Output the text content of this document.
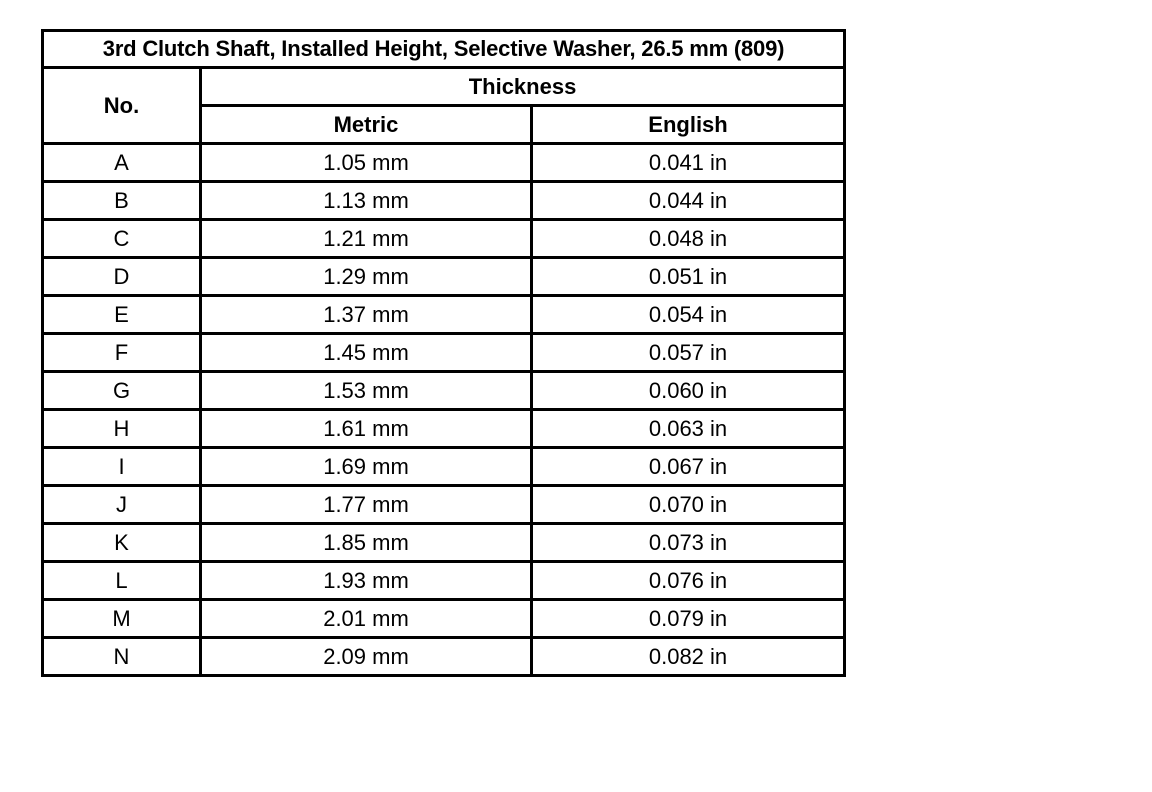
3rd Clutch Shaft, Installed Height, Selective Washer, 26.5 mm (809)		
No.	Thickness	
	Metric	English
A	1.05 mm	0.041 in
B	1.13 mm	0.044 in
C	1.21 mm	0.048 in
D	1.29 mm	0.051 in
E	1.37 mm	0.054 in
F	1.45 mm	0.057 in
G	1.53 mm	0.060 in
H	1.61 mm	0.063 in
I	1.69 mm	0.067 in
J	1.77 mm	0.070 in
K	1.85 mm	0.073 in
L	1.93 mm	0.076 in
M	2.01 mm	0.079 in
N	2.09 mm	0.082 in
